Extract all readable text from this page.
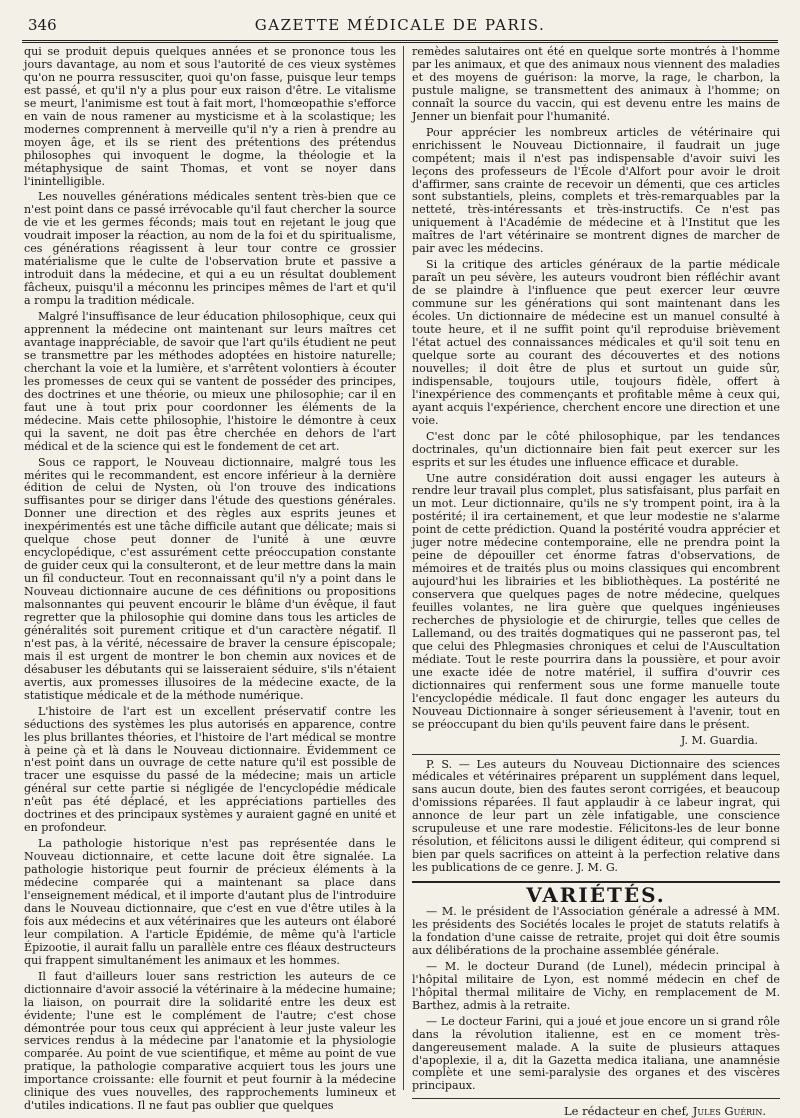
346	GAZETTE MÉDICALE DE PARIS.

qui se produit depuis quelques années et se prononce tous les jours davantage, au nom et sous l'autorité de ces vieux systèmes qu'on ne pourra ressusciter, quoi qu'on fasse, puisque leur temps est passé, et qu'il n'y a plus pour eux raison d'être. Le vitalisme se meurt, l'animisme est tout à fait mort, l'homœopathie s'efforce en vain de nous ramener au mysticisme et à la scolastique; les modernes comprennent à merveille qu'il n'y a rien à prendre au moyen âge, et ils se rient des prétentions des prétendus philosophes qui invoquent le dogme, la théologie et la métaphysique de saint Thomas, et vont se noyer dans l'inintelligible.

Les nouvelles générations médicales sentent très-bien que ce n'est point dans ce passé irrévocable qu'il faut chercher la source de vie et les germes féconds; mais tout en rejetant le joug que voudrait imposer la réaction, au nom de la foi et du spiritualisme, ces générations réagissent à leur tour contre ce grossier matérialisme que le culte de l'observation brute et passive a introduit dans la médecine, et qui a eu un résultat doublement fâcheux, puisqu'il a méconnu les principes mêmes de l'art et qu'il a rompu la tradition médicale.

Malgré l'insuffisance de leur éducation philosophique, ceux qui apprennent la médecine ont maintenant sur leurs maîtres cet avantage inappréciable, de savoir que l'art qu'ils étudient ne peut se transmettre par les méthodes adoptées en histoire naturelle; cherchant la voie et la lumière, et s'arrêtent volontiers à écouter les promesses de ceux qui se vantent de posséder des principes, des doctrines et une théorie, ou mieux une philosophie; car il en faut une à tout prix pour coordonner les éléments de la médecine. Mais cette philosophie, l'histoire le démontre à ceux qui la savent, ne doit pas être cherchée en dehors de l'art médical et de la science qui est le fondement de cet art.

Sous ce rapport, le Nouveau dictionnaire, malgré tous les mérites qui le recommandent, est encore inférieur à la dernière édition de celui de Nysten, où l'on trouve des indications suffisantes pour se diriger dans l'étude des questions générales. Donner une direction et des règles aux esprits jeunes et inexpérimentés est une tâche difficile autant que délicate; mais si quelque chose peut donner de l'unité à une œuvre encyclopédique, c'est assurément cette préoccupation constante de guider ceux qui la consulteront, et de leur mettre dans la main un fil conducteur. Tout en reconnaissant qu'il n'y a point dans le Nouveau dictionnaire aucune de ces définitions ou propositions malsonnantes qui peuvent encourir le blâme d'un évêque, il faut regretter que la philosophie qui domine dans tous les articles de généralités soit purement critique et d'un caractère négatif. Il n'est pas, à la vérité, nécessaire de braver la censure épiscopale; mais il est urgent de montrer le bon chemin aux novices et de désabuser les débutants qui se laisseraient séduire, s'ils n'étaient avertis, aux promesses illusoires de la médecine exacte, de la statistique médicale et de la méthode numérique.

L'histoire de l'art est un excellent préservatif contre les séductions des systèmes les plus autorisés en apparence, contre les plus brillantes théories, et l'histoire de l'art médical se montre à peine çà et là dans le Nouveau dictionnaire. Évidemment ce n'est point dans un ouvrage de cette nature qu'il est possible de tracer une esquisse du passé de la médecine; mais un article général sur cette partie si négligée de l'encyclopédie médicale n'eût pas été déplacé, et les appréciations partielles des doctrines et des principaux systèmes y auraient gagné en unité et en profondeur.

La pathologie historique n'est pas représentée dans le Nouveau dictionnaire, et cette lacune doit être signalée. La pathologie historique peut fournir de précieux éléments à la médecine comparée qui a maintenant sa place dans l'enseignement médical, et il importe d'autant plus de l'introduire dans le Nouveau dictionnaire, que c'est en vue d'être utiles à la fois aux médecins et aux vétérinaires que les auteurs ont élaboré leur compilation. A l'article Épidémie, de même qu'à l'article Épizootie, il aurait fallu un parallèle entre ces fléaux destructeurs qui frappent simultanément les animaux et les hommes.

Il faut d'ailleurs louer sans restriction les auteurs de ce dictionnaire d'avoir associé la vétérinaire à la médecine humaine; la liaison, on pourrait dire la solidarité entre les deux est évidente; l'une est le complément de l'autre; c'est chose démontrée pour tous ceux qui apprécient à leur juste valeur les services rendus à la médecine par l'anatomie et la physiologie comparée. Au point de vue scientifique, et même au point de vue pratique, la pathologie comparative acquiert tous les jours une importance croissante: elle fournit et peut fournir à la médecine clinique des vues nouvelles, des rapprochements lumineux et d'utiles indications. Il ne faut pas oublier que quelques

remèdes salutaires ont été en quelque sorte montrés à l'homme par les animaux, et que des animaux nous viennent des maladies et des moyens de guérison: la morve, la rage, le charbon, la pustule maligne, se transmettent des animaux à l'homme; on connaît la source du vaccin, qui est devenu entre les mains de Jenner un bienfait pour l'humanité.

Pour apprécier les nombreux articles de vétérinaire qui enrichissent le Nouveau Dictionnaire, il faudrait un juge compétent; mais il n'est pas indispensable d'avoir suivi les leçons des professeurs de l'École d'Alfort pour avoir le droit d'affirmer, sans crainte de recevoir un démenti, que ces articles sont substantiels, pleins, complets et très-remarquables par la netteté, très-intéressants et très-instructifs. Ce n'est pas uniquement à l'Académie de médecine et à l'Institut que les maîtres de l'art vétérinaire se montrent dignes de marcher de pair avec les médecins.

Si la critique des articles généraux de la partie médicale paraît un peu sévère, les auteurs voudront bien réfléchir avant de se plaindre à l'influence que peut exercer leur œuvre commune sur les générations qui sont maintenant dans les écoles. Un dictionnaire de médecine est un manuel consulté à toute heure, et il ne suffit point qu'il reproduise brièvement l'état actuel des connaissances médicales et qu'il soit tenu en quelque sorte au courant des découvertes et des notions nouvelles; il doit être de plus et surtout un guide sûr, indispensable, toujours utile, toujours fidèle, offert à l'inexpérience des commençants et profitable même à ceux qui, ayant acquis l'expérience, cherchent encore une direction et une voie.

C'est donc par le côté philosophique, par les tendances doctrinales, qu'un dictionnaire bien fait peut exercer sur les esprits et sur les études une influence efficace et durable.

Une autre considération doit aussi engager les auteurs à rendre leur travail plus complet, plus satisfaisant, plus parfait en un mot. Leur dictionnaire, qu'ils ne s'y trompent point, ira à la postérité; il ira certainement, et que leur modestie ne s'alarme point de cette prédiction. Quand la postérité voudra apprécier et juger notre médecine contemporaine, elle ne prendra point la peine de dépouiller cet énorme fatras d'observations, de mémoires et de traités plus ou moins classiques qui encombrent aujourd'hui les librairies et les bibliothèques. La postérité ne conservera que quelques pages de notre médecine, quelques feuilles volantes, ne lira guère que quelques ingénieuses recherches de physiologie et de chirurgie, telles que celles de Lallemand, ou des traités dogmatiques qui ne passeront pas, tel que celui des Phlegmasies chroniques et celui de l'Auscultation médiate. Tout le reste pourrira dans la poussière, et pour avoir une exacte idée de notre matériel, il suffira d'ouvrir ces dictionnaires qui renferment sous une forme manuelle toute l'encyclopédie médicale. Il faut donc engager les auteurs du Nouveau Dictionnaire à songer sérieusement à l'avenir, tout en se préoccupant du bien qu'ils peuvent faire dans le présent.

J. M. Guardia.

P. S. — Les auteurs du Nouveau Dictionnaire des sciences médicales et vétérinaires préparent un supplément dans lequel, sans aucun doute, bien des fautes seront corrigées, et beaucoup d'omissions réparées. Il faut applaudir à ce labeur ingrat, qui annonce de leur part un zèle infatigable, une conscience scrupuleuse et une rare modestie. Félicitons-les de leur bonne résolution, et félicitons aussi le diligent éditeur, qui comprend si bien par quels sacrifices on atteint à la perfection relative dans les publications de ce genre. J. M. G.

VARIÉTÉS.

— M. le président de l'Association générale a adressé à MM. les présidents des Sociétés locales le projet de statuts relatifs à la fondation d'une caisse de retraite, projet qui doit être soumis aux délibérations de la prochaine assemblée générale.

— M. le docteur Durand (de Lunel), médecin principal à l'hôpital militaire de Lyon, est nommé médecin en chef de l'hôpital thermal militaire de Vichy, en remplacement de M. Barthez, admis à la retraite.

— Le docteur Farini, qui a joué et joue encore un si grand rôle dans la révolution italienne, est en ce moment très-dangereusement malade. A la suite de plusieurs attaques d'apoplexie, il a, dit la Gazetta medica italiana, une anamnésie complète et une semi-paralysie des organes et des viscères principaux.

Le rédacteur en chef, Jules Guérin.
